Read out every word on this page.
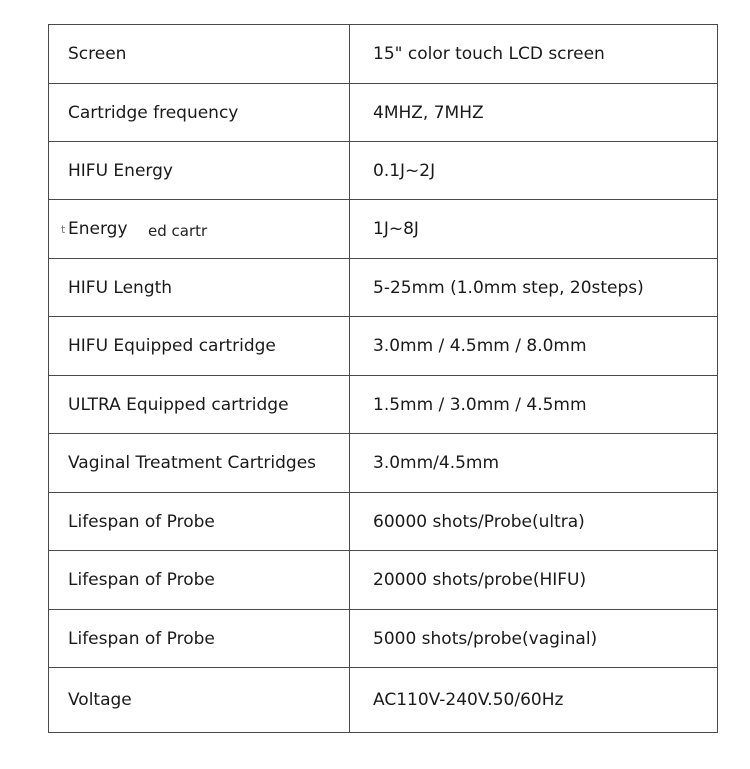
Screen	15" color touch LCD screen
Cartridge frequency	4MHZ, 7MHZ
HIFU Energy	0.1J~2J

t Energy ed cartr	1J~8J
HIFU Length	5-25mm (1.0mm step, 20steps)
HIFU Equipped cartridge	3.0mm / 4.5mm / 8.0mm
ULTRA Equipped cartridge	1.5mm / 3.0mm / 4.5mm
Vaginal Treatment Cartridges	3.0mm/4.5mm
Lifespan of Probe	60000 shots/Probe(ultra)
Lifespan of Probe	20000 shots/probe(HIFU)
Lifespan of Probe	5000 shots/probe(vaginal)
Voltage	AC110V-240V.50/60Hz
